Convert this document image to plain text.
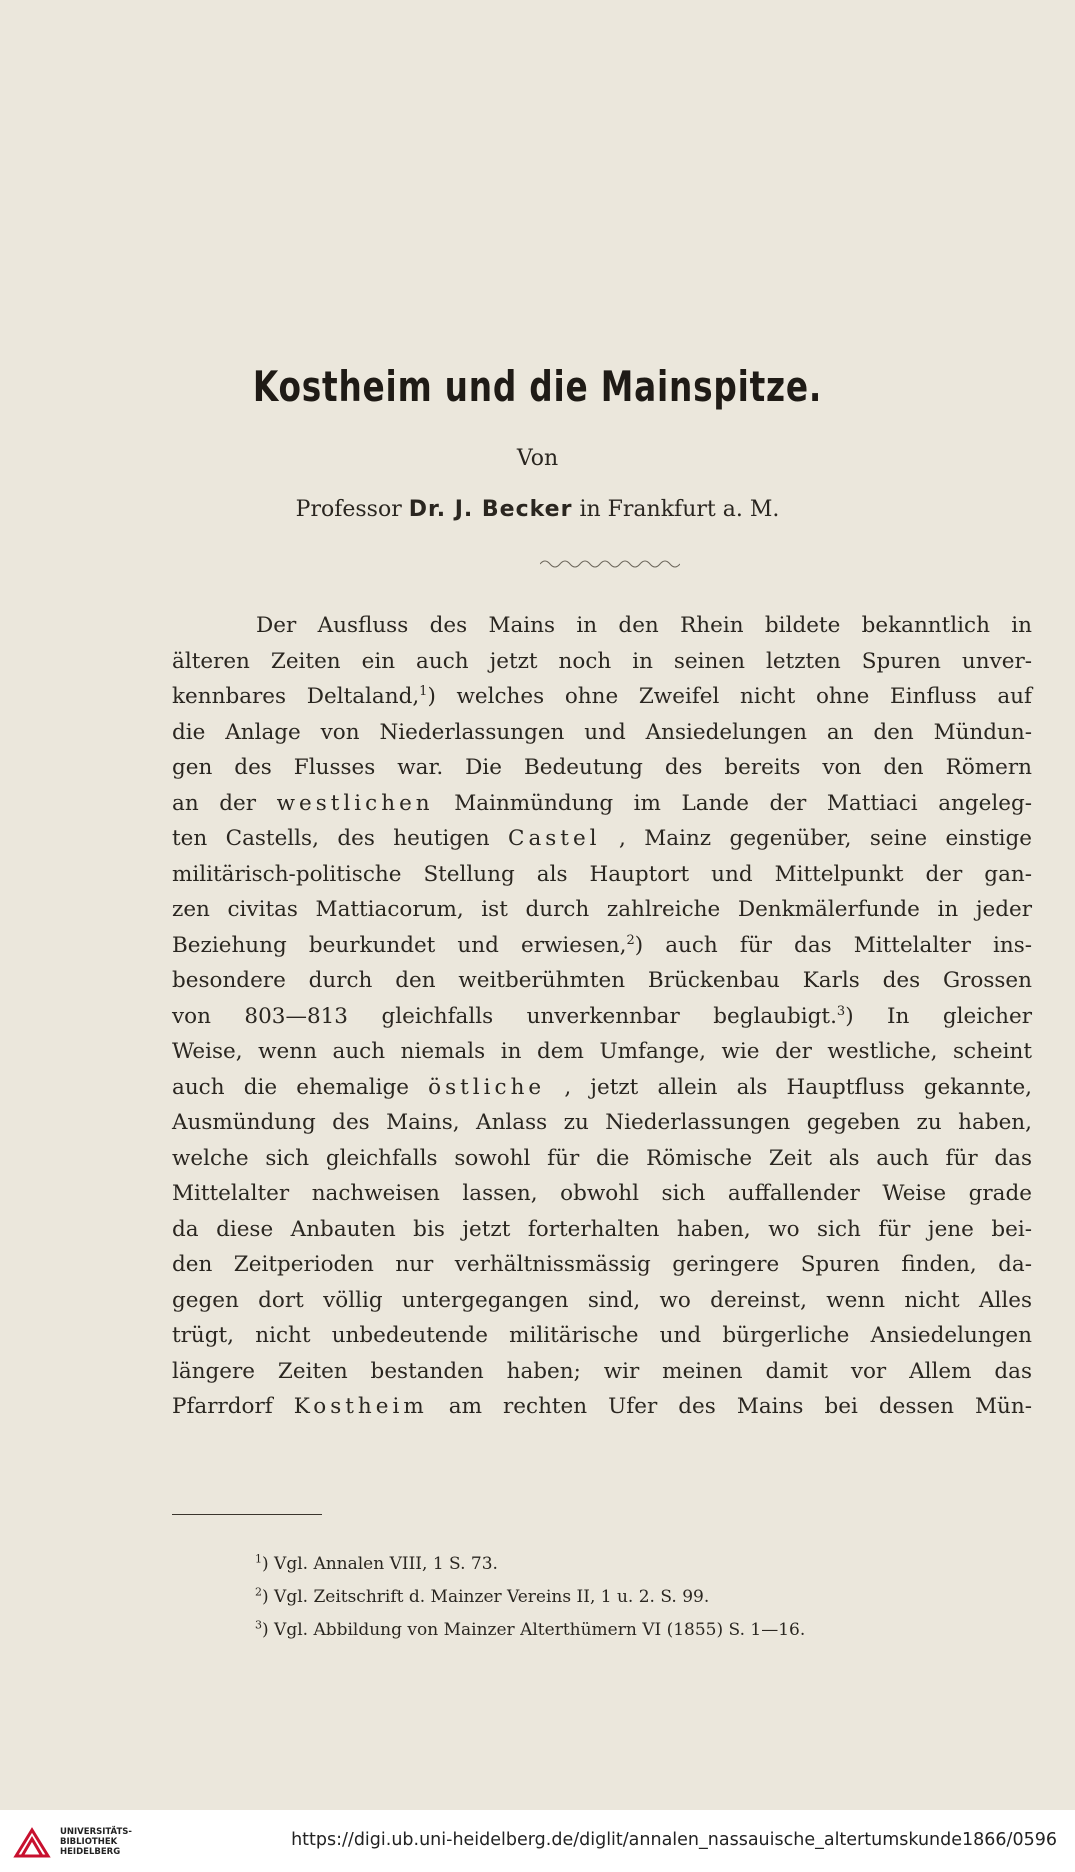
Kostheim und die Mainspitze.
Von
Professor Dr. J. Becker in Frankfurt a. M.
Der Ausfluss des Mains in den Rhein bildete bekanntlich in
älteren Zeiten ein auch jetzt noch in seinen letzten Spuren unver-
kennbares Deltaland,$^1$) welches ohne Zweifel nicht ohne Einfluss auf
die Anlage von Niederlassungen und Ansiedelungen an den Mündun-
gen des Flusses war. Die Bedeutung des bereits von den Römern
an der westlichen Mainmündung im Lande der Mattiaci angeleg-
ten Castells, des heutigen Castel , Mainz gegenüber, seine einstige
militärisch-politische Stellung als Hauptort und Mittelpunkt der gan-
zen civitas Mattiacorum, ist durch zahlreiche Denkmälerfunde in jeder
Beziehung beurkundet und erwiesen,$^2$) auch für das Mittelalter ins-
besondere durch den weitberühmten Brückenbau Karls des Grossen
von 803—813 gleichfalls unverkennbar beglaubigt.$^3$) In gleicher
Weise, wenn auch niemals in dem Umfange, wie der westliche, scheint
auch die ehemalige östliche , jetzt allein als Hauptfluss gekannte,
Ausmündung des Mains, Anlass zu Niederlassungen gegeben zu haben,
welche sich gleichfalls sowohl für die Römische Zeit als auch für das
Mittelalter nachweisen lassen, obwohl sich auffallender Weise grade
da diese Anbauten bis jetzt forterhalten haben, wo sich für jene bei-
den Zeitperioden nur verhältnissmässig geringere Spuren finden, da-
gegen dort völlig untergegangen sind, wo dereinst, wenn nicht Alles
trügt, nicht unbedeutende militärische und bürgerliche Ansiedelungen
längere Zeiten bestanden haben; wir meinen damit vor Allem das
Pfarrdorf Kostheim am rechten Ufer des Mains bei dessen Mün-
$^1$) Vgl. Annalen VIII, 1 S. 73.
$^2$) Vgl. Zeitschrift d. Mainzer Vereins II, 1 u. 2. S. 99.
$^3$) Vgl. Abbildung von Mainzer Alterthümern VI (1855) S. 1—16.
UNIVERSITÄTS-
BIBLIOTHEK
HEIDELBERG
https://digi.ub.uni-heidelberg.de/diglit/annalen_nassauische_altertumskunde1866/0596
